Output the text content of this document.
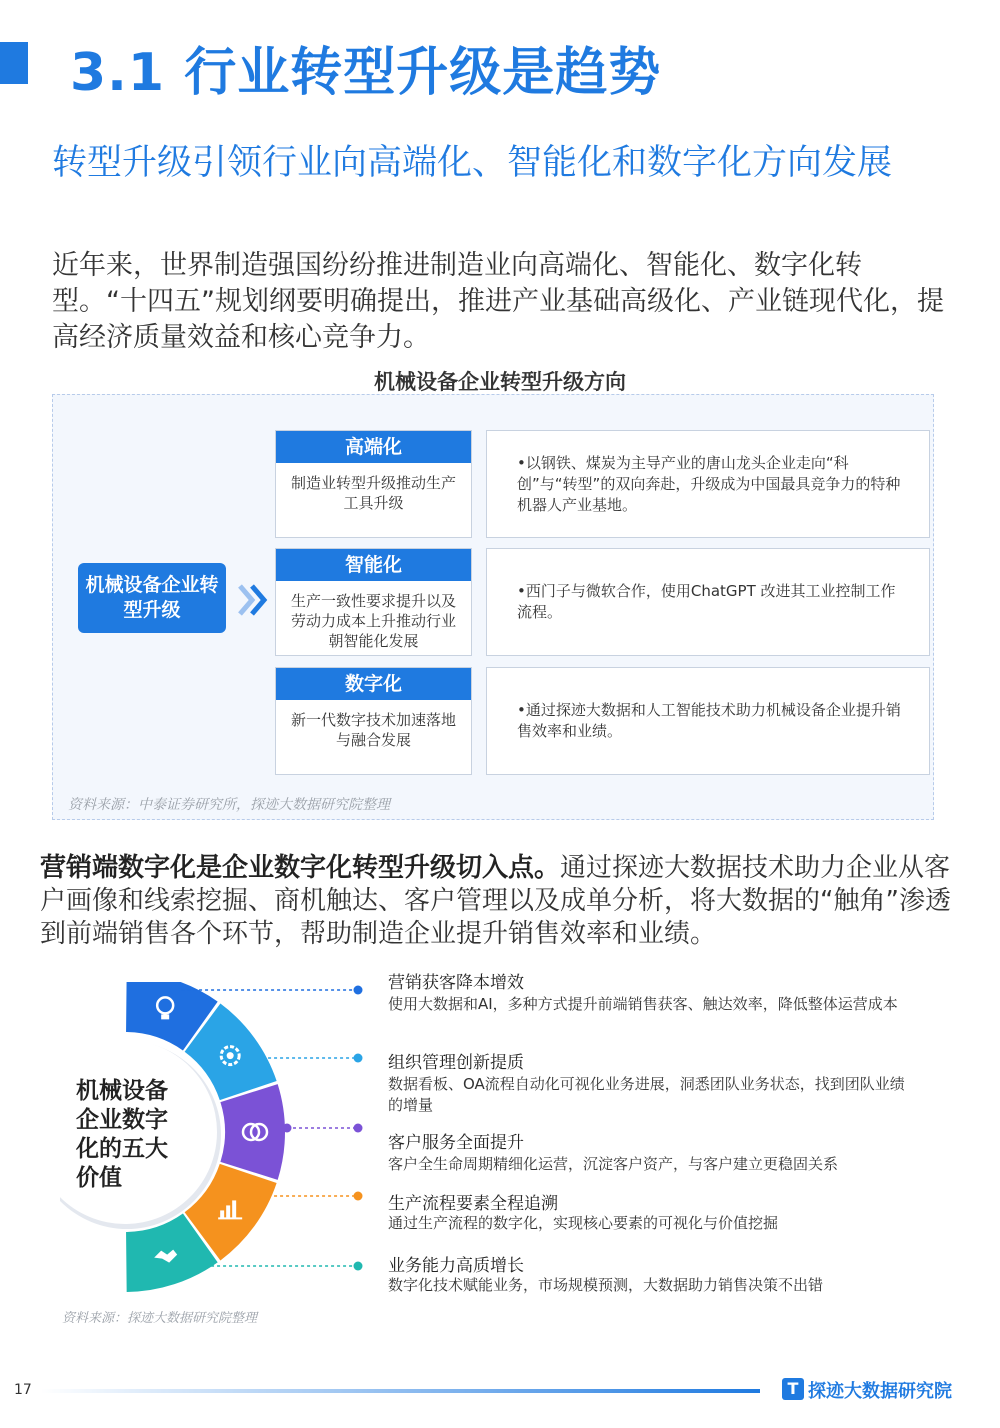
3.1 行业转型升级是趋势
转型升级引领行业向高端化、智能化和数字化方向发展
近年来，世界制造强国纷纷推进制造业向高端化、智能化、数字化转型。“十四五”规划纲要明确提出，推进产业基础高级化、产业链现代化，提高经济质量效益和核心竞争力。
机械设备企业转型升级方向
机械设备企业转型升级
高端化
制造业转型升级推动生产工具升级
智能化
生产一致性要求提升以及劳动力成本上升推动行业朝智能化发展
数字化
新一代数字技术加速落地与融合发展
•以钢铁、煤炭为主导产业的唐山龙头企业走向“科创”与“转型”的双向奔赴，升级成为中国最具竞争力的特种机器人产业基地。
•西门子与微软合作，使用ChatGPT 改进其工业控制工作流程。
•通过探迹大数据和人工智能技术助力机械设备企业提升销售效率和业绩。
资料来源：中泰证券研究所，探迹大数据研究院整理
营销端数字化是企业数字化转型升级切入点。通过探迹大数据技术助力企业从客户画像和线索挖掘、商机触达、客户管理以及成单分析，将大数据的“触角”渗透到前端销售各个环节，帮助制造企业提升销售效率和业绩。
机械设备企业数字化的五大价值
营销获客降本增效
使用大数据和AI，多种方式提升前端销售获客、触达效率，降低整体运营成本
组织管理创新提质
数据看板、OA流程自动化可视化业务进展，洞悉团队业务状态，找到团队业绩的增量
客户服务全面提升
客户全生命周期精细化运营，沉淀客户资产，与客户建立更稳固关系
生产流程要素全程追溯
通过生产流程的数字化，实现核心要素的可视化与价值挖掘
业务能力高质增长
数字化技术赋能业务，市场规模预测，大数据助力销售决策不出错
资料来源：探迹大数据研究院整理
17	T 探迹大数据研究院
